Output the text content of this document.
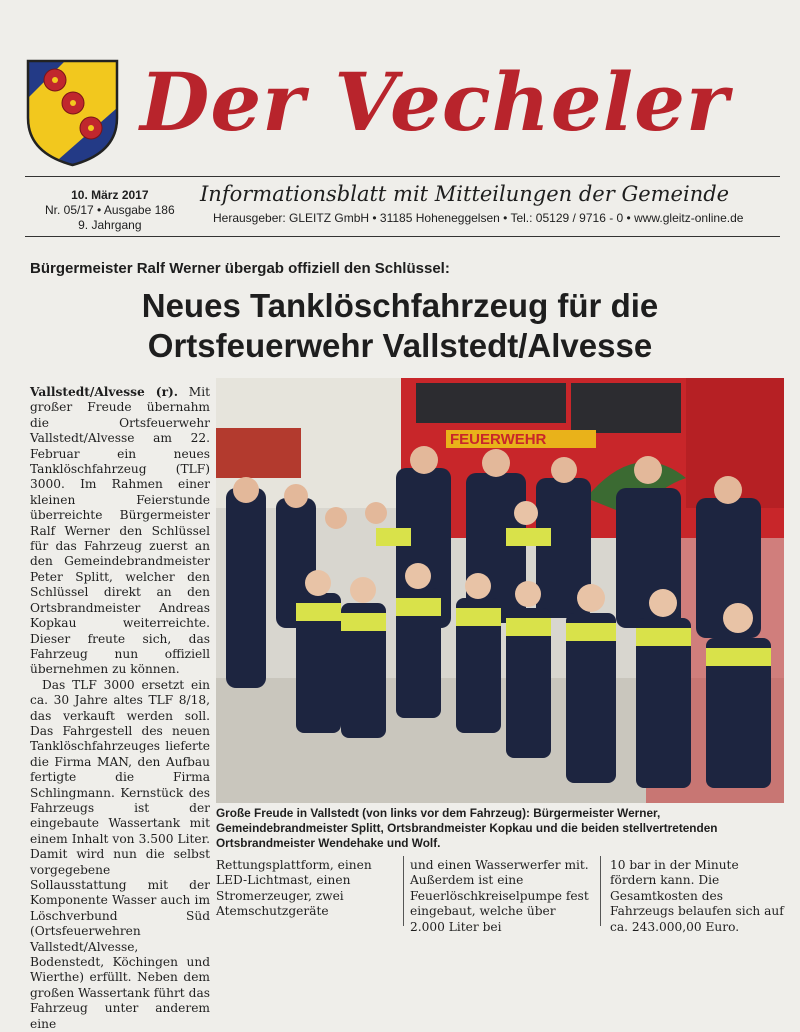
Der Vecheler
10. März 2017
Nr. 05/17 • Ausgabe 186
9. Jahrgang
Informationsblatt mit Mitteilungen der Gemeinde
Herausgeber: GLEITZ GmbH • 31185 Hoheneggelsen • Tel.: 05129 / 9716 - 0 • www.gleitz-online.de
Bürgermeister Ralf Werner übergab offiziell den Schlüssel:
Neues Tanklöschfahrzeug für die
Ortsfeuerwehr Vallstedt/Alvesse

Vallstedt/Alvesse (r). Mit großer Freude übernahm die Ortsfeuerwehr Vallstedt/Alvesse am 22. Februar ein neues Tanklöschfahrzeug (TLF) 3000. Im Rahmen einer kleinen Feierstunde überreichte Bürgermeister Ralf Werner den Schlüssel für das Fahrzeug zuerst an den Gemeindebrandmeister Peter Splitt, welcher den Schlüssel direkt an den Ortsbrandmeister Andreas Kopkau weiterreichte. Dieser freute sich, das Fahrzeug nun offiziell übernehmen zu können.

Das TLF 3000 ersetzt ein ca. 30 Jahre altes TLF 8/18, das verkauft werden soll. Das Fahrgestell des neuen Tanklöschfahrzeuges lieferte die Firma MAN, den Aufbau fertigte die Firma Schlingmann. Kernstück des Fahrzeugs ist der eingebaute Wassertank mit einem Inhalt von 3.500 Liter. Damit wird nun die selbst vorgegebene Sollausstattung mit der Komponente Wasser auch im Löschverbund Süd (Ortsfeuerwehren Vallstedt/Alvesse, Bodenstedt, Köchingen und Wierthe) erfüllt. Neben dem großen Wassertank führt das Fahrzeug unter anderem eine

FEUERWEHR
Große Freude in Vallstedt (von links vor dem Fahrzeug): Bürgermeister Werner, Gemeindebrandmeister Splitt, Ortsbrandmeister Kopkau und die beiden stellvertretenden Ortsbrandmeister Wendehake und Wolf.
Rettungsplattform, einen LED-Lichtmast, einen Stromerzeuger, zwei Atemschutzgeräte
und einen Wasserwerfer mit. Außerdem ist eine Feuerlöschkreiselpumpe fest eingebaut, welche über 2.000 Liter bei
10 bar in der Minute fördern kann. Die Gesamtkosten des Fahrzeugs belaufen sich auf ca. 243.000,00 Euro.
